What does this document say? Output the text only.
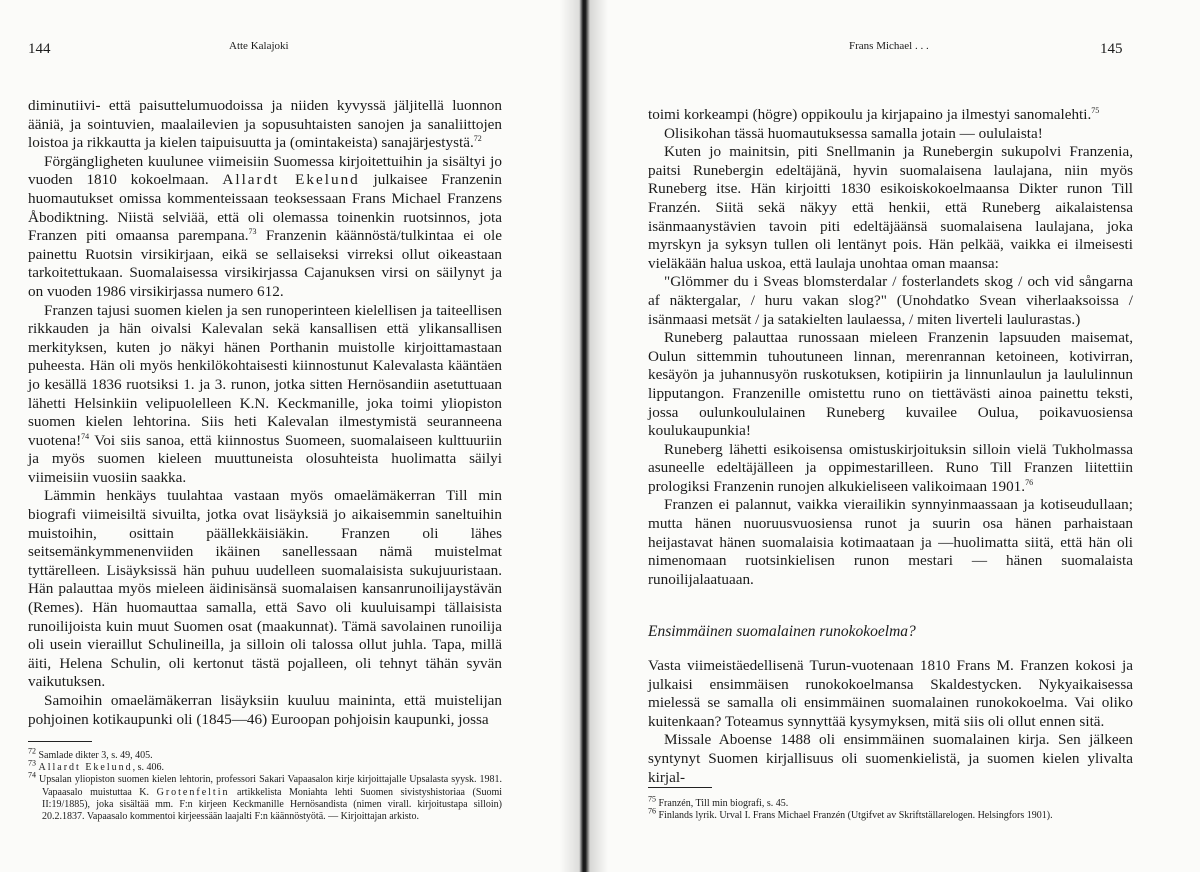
144	Atte Kalajoki

diminutiivi- että paisuttelumuodoissa ja niiden kyvyssä jäljitellä luonnon ääniä, ja sointuvien, maalailevien ja sopusuhtaisten sanojen ja sanaliittojen loistoa ja rikkautta ja kielen taipuisuutta ja (omintakeista) sanajärjestystä.$^{72}$

Förgängligheten kuulunee viimeisiin Suomessa kirjoitettuihin ja sisältyi jo vuoden 1810 kokoelmaan. Allardt Ekelund julkaisee Franzenin huomautukset omissa kommenteissaan teoksessaan Frans Michael Franzens Åbodiktning. Niistä selviää, että oli olemassa toinenkin ruotsinnos, jota Franzen piti omaansa parempana.$^{73}$ Franzenin käännöstä/tulkintaa ei ole painettu Ruotsin virsikirjaan, eikä se sellaiseksi virreksi ollut oikeastaan tarkoitettukaan. Suomalaisessa virsikirjassa Cajanuksen virsi on säilynyt ja on vuoden 1986 virsikirjassa numero 612.

Franzen tajusi suomen kielen ja sen runoperinteen kielellisen ja taiteellisen rikkauden ja hän oivalsi Kalevalan sekä kansallisen että ylikansallisen merkityksen, kuten jo näkyi hänen Porthanin muistolle kirjoittamastaan puheesta. Hän oli myös henkilökohtaisesti kiinnostunut Kalevalasta kääntäen jo kesällä 1836 ruotsiksi 1. ja 3. runon, jotka sitten Hernösandiin asetuttuaan lähetti Helsinkiin velipuolelleen K.N. Keckmanille, joka toimi yliopiston suomen kielen lehtorina. Siis heti Kalevalan ilmestymistä seuranneena vuotena!$^{74}$ Voi siis sanoa, että kiinnostus Suomeen, suomalaiseen kulttuuriin ja myös suomen kieleen muuttuneista olosuhteista huolimatta säilyi viimeisiin vuosiin saakka.

Lämmin henkäys tuulahtaa vastaan myös omaelämäkerran Till min biografi viimeisiltä sivuilta, jotka ovat lisäyksiä jo aikaisemmin saneltuihin muistoihin, osittain päällekkäisiäkin. Franzen oli lähes seitsemänkymmenenviiden ikäinen sanellessaan nämä muistelmat tyttärelleen. Lisäyksissä hän puhuu uudelleen suomalaisista sukujuuristaan. Hän palauttaa myös mieleen äidinisänsä suomalaisen kansanrunoilijaystävän (Remes). Hän huomauttaa samalla, että Savo oli kuuluisampi tällaisista runoilijoista kuin muut Suomen osat (maakunnat). Tämä savolainen runoilija oli usein vieraillut Schulineilla, ja silloin oli talossa ollut juhla. Tapa, millä äiti, Helena Schulin, oli kertonut tästä pojalleen, oli tehnyt tähän syvän vaikutuksen.

Samoihin omaelämäkerran lisäyksiin kuuluu maininta, että muistelijan pohjoinen kotikaupunki oli (1845—46) Euroopan pohjoisin kaupunki, jossa

$^{72}$ Samlade dikter 3, s. 49, 405.

$^{73}$ Allardt Ekelund, s. 406.

$^{74}$ Upsalan yliopiston suomen kielen lehtorin, professori Sakari Vapaasalon kirje kirjoittajalle Upsalasta syysk. 1981. Vapaasalo muistuttaa K. Grotenfeltin artikkelista Moniahta lehti Suomen sivistyshistoriaa (Suomi II:19/1885), joka sisältää mm. F:n kirjeen Keckmanille Hernösandista (nimen virall. kirjoitustapa silloin) 20.2.1837. Vapaasalo kommentoi kirjeessään laajalti F:n käännöstyötä. — Kirjoittajan arkisto.

Frans Michael . . .	145

toimi korkeampi (högre) oppikoulu ja kirjapaino ja ilmestyi sanomalehti.$^{75}$

Olisikohan tässä huomautuksessa samalla jotain — oululaista!

Kuten jo mainitsin, piti Snellmanin ja Runebergin sukupolvi Franzenia, paitsi Runebergin edeltäjänä, hyvin suomalaisena laulajana, niin myös Runeberg itse. Hän kirjoitti 1830 esikoiskokoelmaansa Dikter runon Till Franzén. Siitä sekä näkyy että henkii, että Runeberg aikalaistensa isänmaanystävien tavoin piti edeltäjäänsä suomalaisena laulajana, joka myrskyn ja syksyn tullen oli lentänyt pois. Hän pelkää, vaikka ei ilmeisesti vieläkään halua uskoa, että laulaja unohtaa oman maansa:

"Glömmer du i Sveas blomsterdalar / fosterlandets skog / och vid sångarna af näktergalar, / huru vakan slog?" (Unohdatko Svean viherlaaksoissa / isänmaasi metsät / ja satakielten laulaessa, / miten liverteli laulurastas.)

Runeberg palauttaa runossaan mieleen Franzenin lapsuuden maisemat, Oulun sittemmin tuhoutuneen linnan, merenrannan ketoineen, kotivirran, kesäyön ja juhannusyön ruskotuksen, kotipiirin ja linnunlaulun ja laululinnun lipputangon. Franzenille omistettu runo on tiettävästi ainoa painettu teksti, jossa oulunkoululainen Runeberg kuvailee Oulua, poikavuosiensa koulukaupunkia!

Runeberg lähetti esikoisensa omistuskirjoituksin silloin vielä Tukholmassa asuneelle edeltäjälleen ja oppimestarilleen. Runo Till Franzen liitettiin prologiksi Franzenin runojen alkukieliseen valikoimaan 1901.76

Franzen ei palannut, vaikka vierailikin synnyinmaassaan ja kotiseudullaan; mutta hänen nuoruusvuosiensa runot ja suurin osa hänen parhaistaan heijastavat hänen suomalaisia kotimaataan ja —huolimatta siitä, että hän oli nimenomaan ruotsinkielisen runon mestari — hänen suomalaista runoilijalaatuaan.

Ensimmäinen suomalainen runokokoelma?

Vasta viimeistäedellisenä Turun-vuotenaan 1810 Frans M. Franzen kokosi ja julkaisi ensimmäisen runokokoelmansa Skaldestycken. Nykyaikaisessa mielessä se samalla oli ensimmäinen suomalainen runokokoelma. Vai oliko kuitenkaan? Toteamus synnyttää kysymyksen, mitä siis oli ollut ennen sitä.

Missale Aboense 1488 oli ensimmäinen suomalainen kirja. Sen jälkeen syntynyt Suomen kirjallisuus oli suomenkielistä, ja suomen kielen ylivalta kirjal-

$^{75}$ Franzén, Till min biografi, s. 45.

$^{76}$ Finlands lyrik. Urval I. Frans Michael Franzén (Utgifvet av Skriftställarelogen. Helsingfors 1901).
